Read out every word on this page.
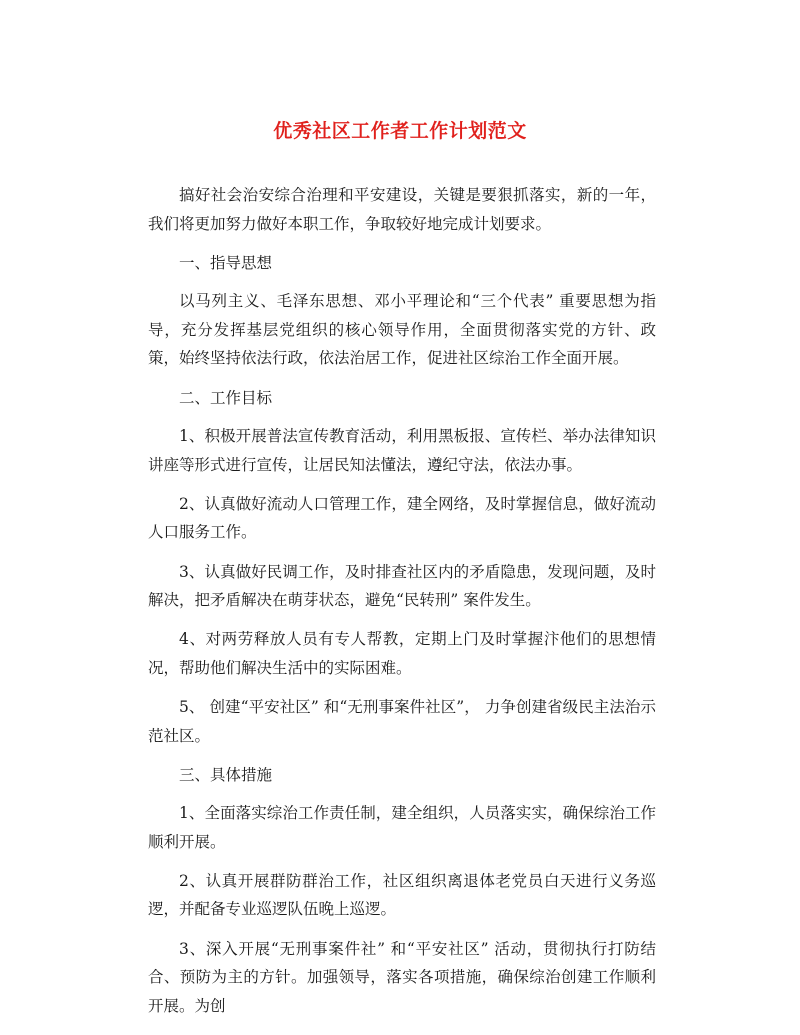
优秀社区工作者工作计划范文

搞好社会治安综合治理和平安建设，关键是要狠抓落实，新的一年，我们将更加努力做好本职工作，争取较好地完成计划要求。

一、指导思想

以马列主义、毛泽东思想、邓小平理论和“三个代表” 重要思想为指导，充分发挥基层党组织的核心领导作用，全面贯彻落实党的方针、政策，始终坚持依法行政，依法治居工作，促进社区综治工作全面开展。

二、工作目标

1、积极开展普法宣传教育活动，利用黑板报、宣传栏、举办法律知识讲座等形式进行宣传，让居民知法懂法，遵纪守法，依法办事。

2、认真做好流动人口管理工作，建全网络，及时掌握信息，做好流动人口服务工作。

3、认真做好民调工作，及时排查社区内的矛盾隐患，发现问题，及时解决，把矛盾解决在萌芽状态，避免“民转刑” 案件发生。

4、对两劳释放人员有专人帮教，定期上门及时掌握汴他们的思想情况，帮助他们解决生活中的实际困难。

5、 创建“平安社区” 和“无刑事案件社区”， 力争创建省级民主法治示范社区。

三、具体措施

1、全面落实综治工作责任制，建全组织，人员落实实，确保综治工作顺利开展。

2、认真开展群防群治工作，社区组织离退体老党员白天进行义务巡逻，并配备专业巡逻队伍晚上巡逻。

3、深入开展“无刑事案件社” 和“平安社区” 活动，贯彻执行打防结合、预防为主的方针。加强领导，落实各项措施，确保综治创建工作顺利开展。为创
